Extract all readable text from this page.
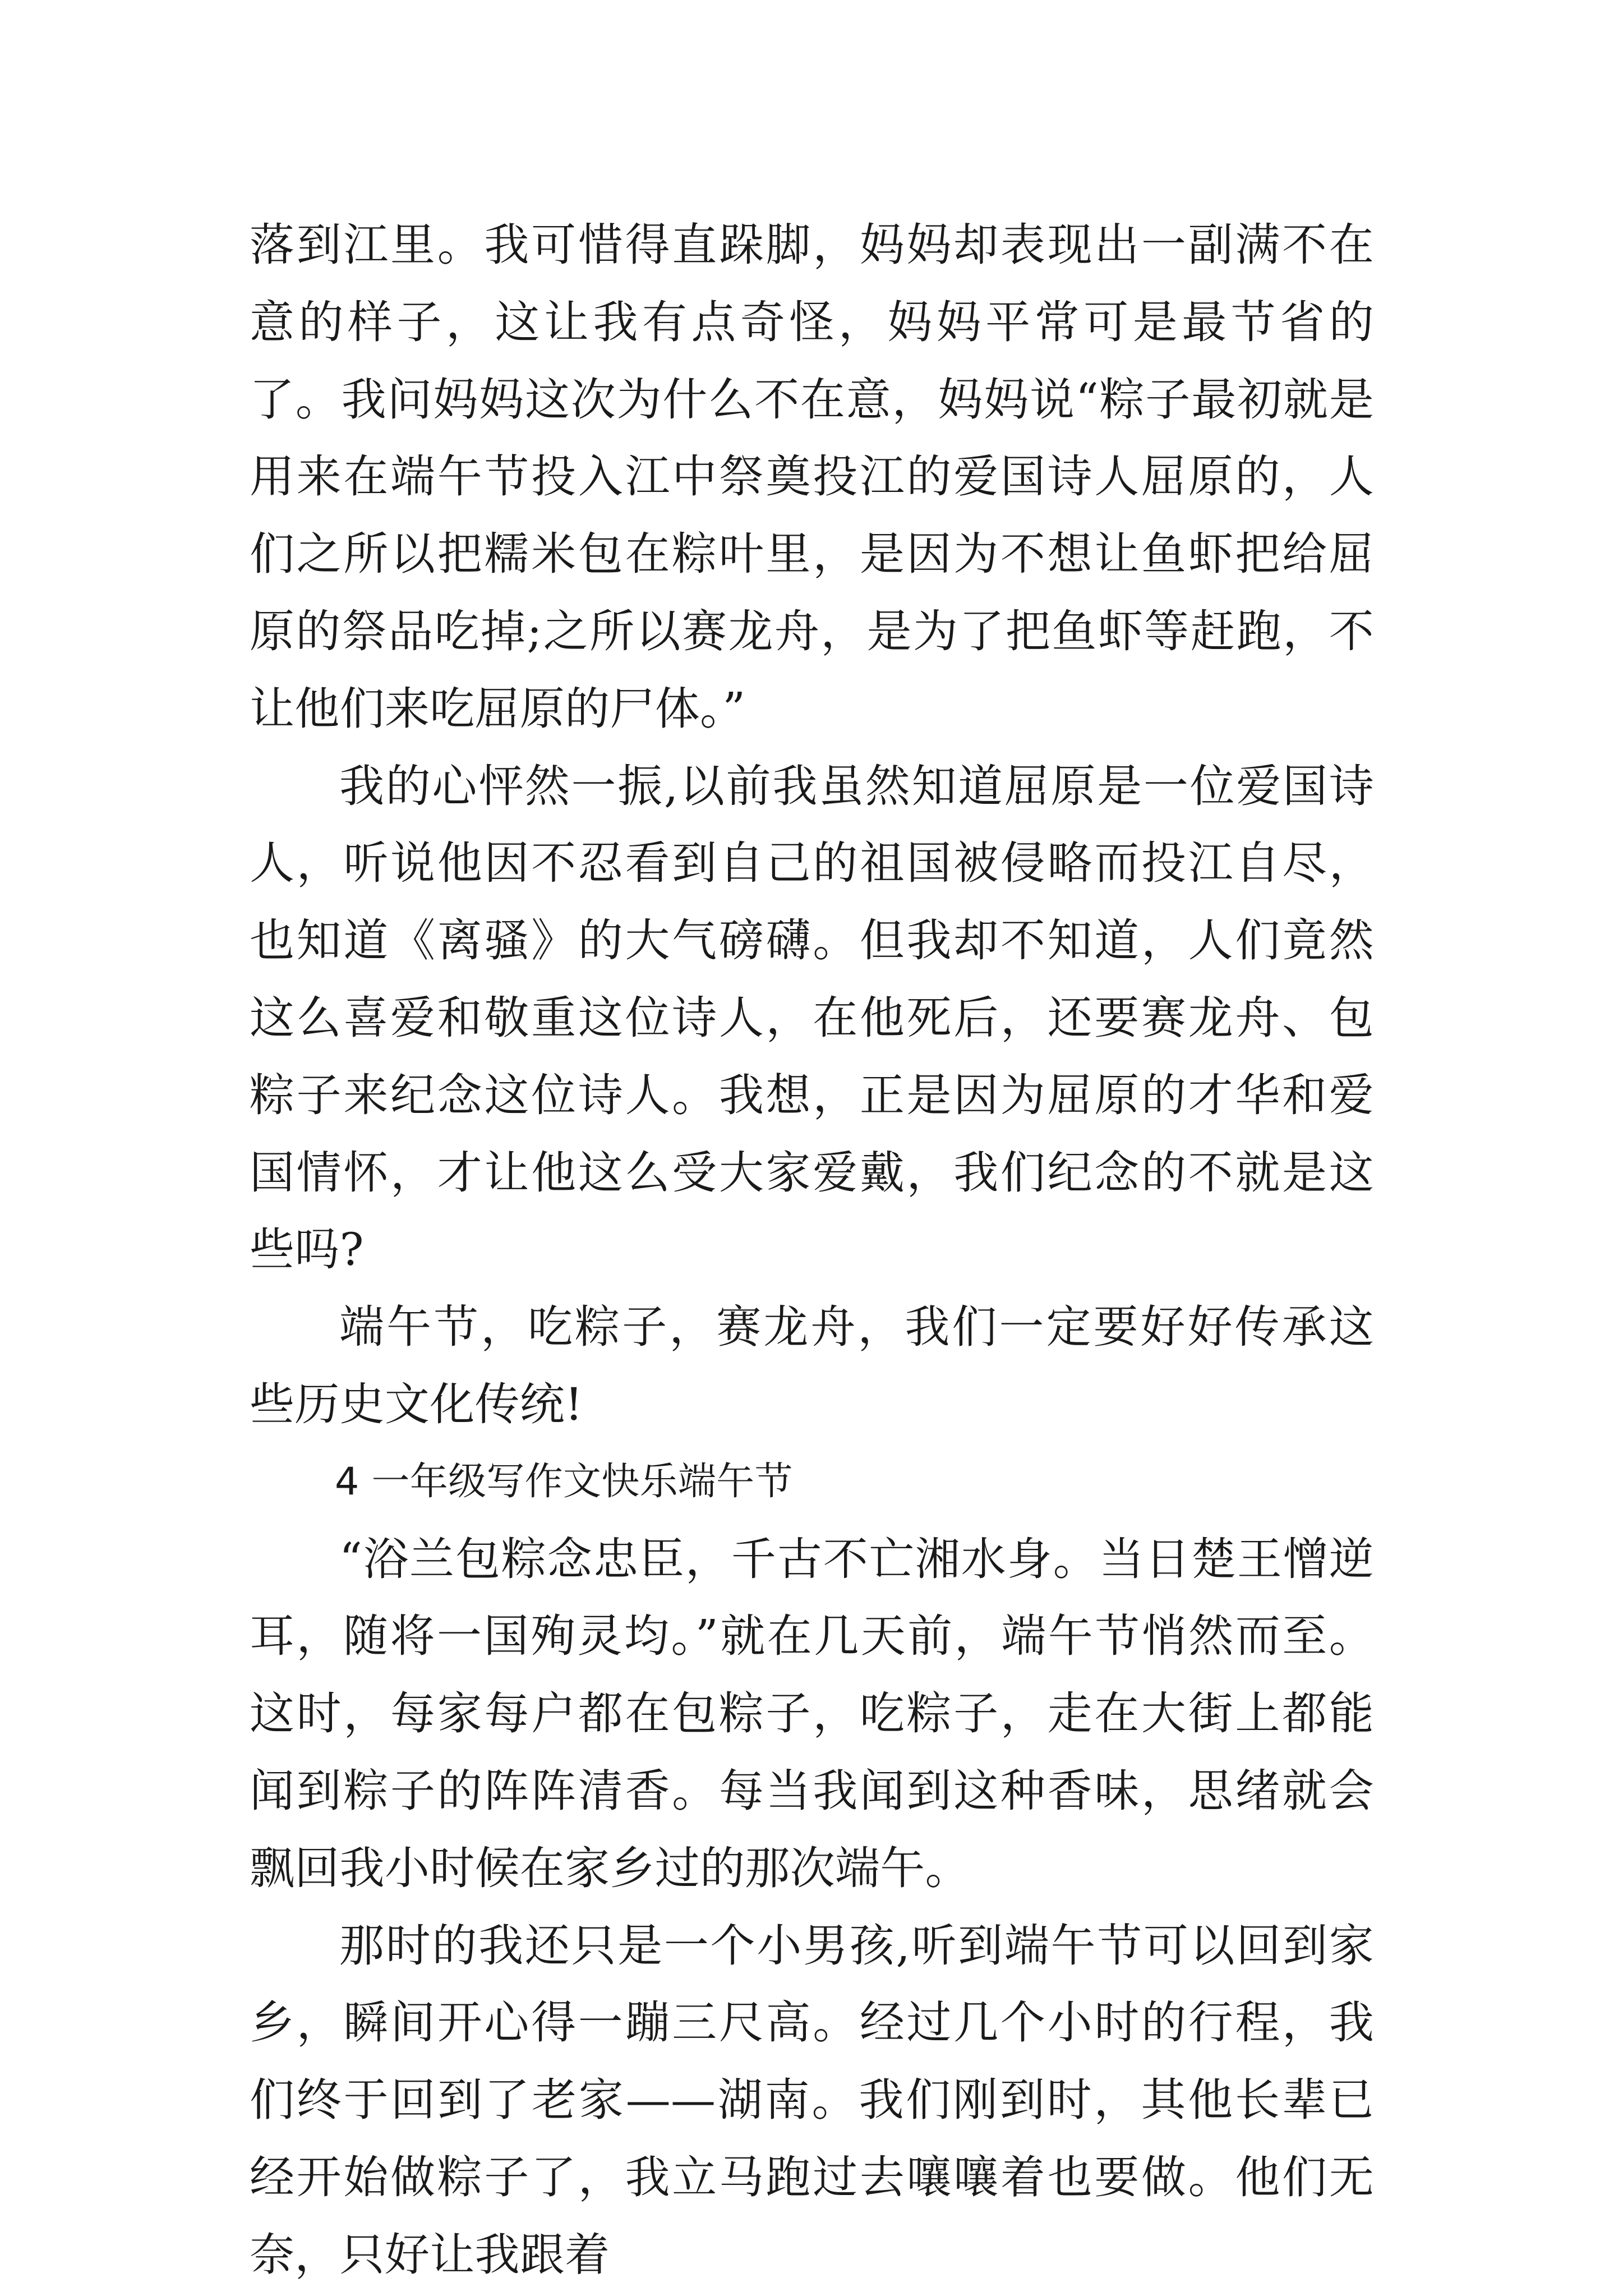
落到江里。我可惜得直跺脚，妈妈却表现出一副满不在意的样子，这让我有点奇怪，妈妈平常可是最节省的了。我问妈妈这次为什么不在意，妈妈说“粽子最初就是用来在端午节投入江中祭奠投江的爱国诗人屈原的，人们之所以把糯米包在粽叶里，是因为不想让鱼虾把给屈原的祭品吃掉;之所以赛龙舟，是为了把鱼虾等赶跑，不让他们来吃屈原的尸体。”

我的心怦然一振,以前我虽然知道屈原是一位爱国诗人，听说他因不忍看到自己的祖国被侵略而投江自尽，也知道《离骚》的大气磅礴。但我却不知道，人们竟然这么喜爱和敬重这位诗人，在他死后，还要赛龙舟、包粽子来纪念这位诗人。我想，正是因为屈原的才华和爱国情怀，才让他这么受大家爱戴，我们纪念的不就是这些吗?

端午节，吃粽子，赛龙舟，我们一定要好好传承这些历史文化传统!

4 一年级写作文快乐端午节

“浴兰包粽念忠臣，千古不亡湘水身。当日楚王憎逆耳，随将一国殉灵均。”就在几天前，端午节悄然而至。这时，每家每户都在包粽子，吃粽子，走在大街上都能闻到粽子的阵阵清香。每当我闻到这种香味，思绪就会飘回我小时候在家乡过的那次端午。

那时的我还只是一个小男孩,听到端午节可以回到家乡，瞬间开心得一蹦三尺高。经过几个小时的行程，我们终于回到了老家——湖南。我们刚到时，其他长辈已经开始做粽子了，我立马跑过去嚷嚷着也要做。他们无奈，只好让我跟着
